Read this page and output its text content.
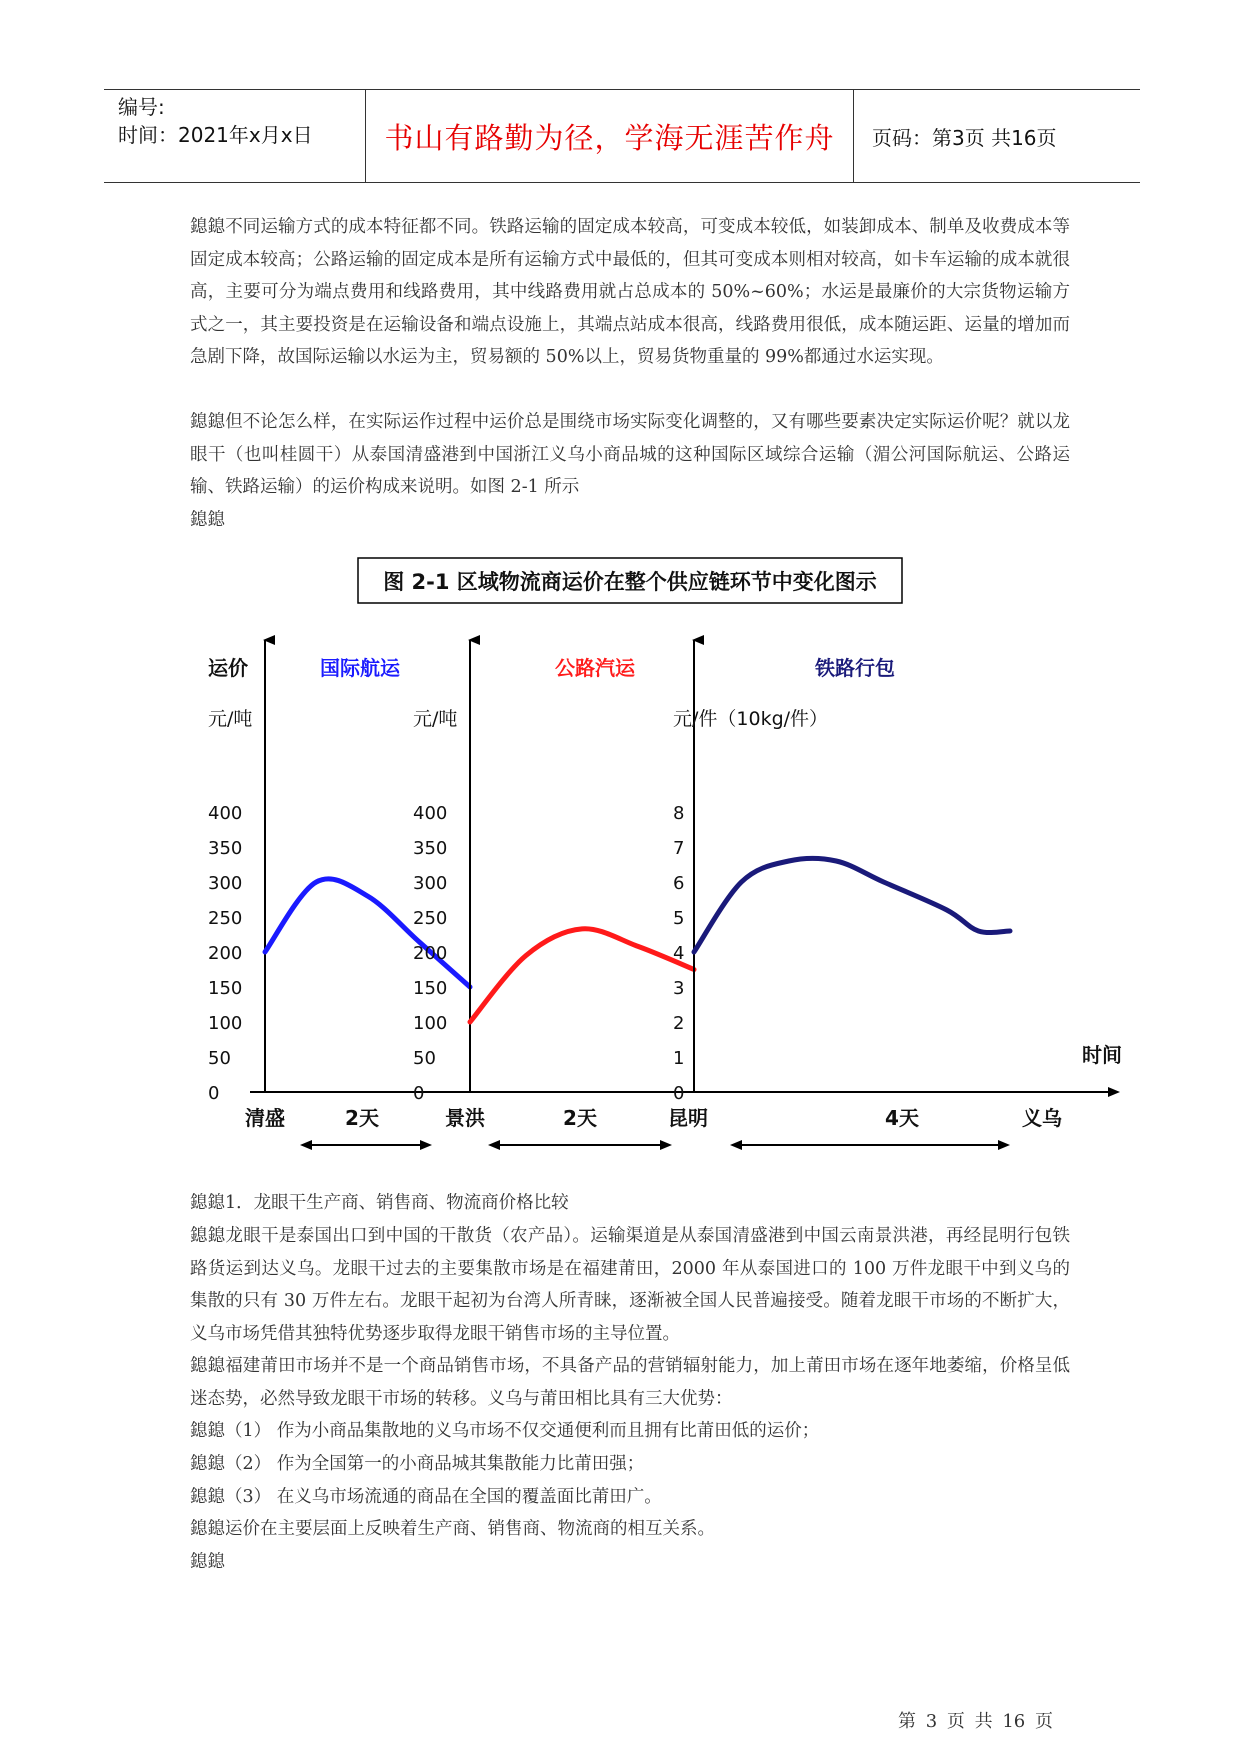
编号:
时间：2021年x月x日	书山有路勤为径，学海无涯苦作舟	页码：第3页 共16页
鎴鎴不同运输方式的成本特征都不同。铁路运输的固定成本较高，可变成本较低，如装卸成本、制单及收费成本等固定成本较高；公路运输的固定成本是所有运输方式中最低的，但其可变成本则相对较高，如卡车运输的成本就很高，主要可分为端点费用和线路费用，其中线路费用就占总成本的 50%~60%；水运是最廉价的大宗货物运输方式之一，其主要投资是在运输设备和端点设施上，其端点站成本很高，线路费用很低，成本随运距、运量的增加而急剧下降，故国际运输以水运为主，贸易额的 50%以上，贸易货物重量的 99%都通过水运实现。
鎴鎴但不论怎么样，在实际运作过程中运价总是围绕市场实际变化调整的，又有哪些要素决定实际运价呢？就以龙眼干（也叫桂圆干）从泰国清盛港到中国浙江义乌小商品城的这种国际区域综合运输（湄公河国际航运、公路运输、铁路运输）的运价构成来说明。如图 2-1 所示
鎴鎴
图 2-1 区域物流商运价在整个供应链环节中变化图示
时间
运价	国际航运
元/吨
400
350
300
250
200
150
100
50
0
公路汽运
元/吨
400
350
300
250
200
150
100
50
0
铁路行包
元/件（10kg/件）
8
7
6
5
4
3
2
1
0
清盛	景洪	昆明	义乌
2天	2天	4天
鎴鎴1．龙眼干生产商、销售商、物流商价格比较
鎴鎴龙眼干是泰国出口到中国的干散货（农产品）。运输渠道是从泰国清盛港到中国云南景洪港，再经昆明行包铁路货运到达义乌。龙眼干过去的主要集散市场是在福建莆田，2000 年从泰国进口的 100 万件龙眼干中到义乌的集散的只有 30 万件左右。龙眼干起初为台湾人所青睐，逐渐被全国人民普遍接受。随着龙眼干市场的不断扩大，义乌市场凭借其独特优势逐步取得龙眼干销售市场的主导位置。
鎴鎴福建莆田市场并不是一个商品销售市场，不具备产品的营销辐射能力，加上莆田市场在逐年地萎缩，价格呈低迷态势，必然导致龙眼干市场的转移。义乌与莆田相比具有三大优势：
鎴鎴（1） 作为小商品集散地的义乌市场不仅交通便利而且拥有比莆田低的运价；
鎴鎴（2） 作为全国第一的小商品城其集散能力比莆田强；
鎴鎴（3） 在义乌市场流通的商品在全国的覆盖面比莆田广。
鎴鎴运价在主要层面上反映着生产商、销售商、物流商的相互关系。
鎴鎴
第 3 页 共 16 页
